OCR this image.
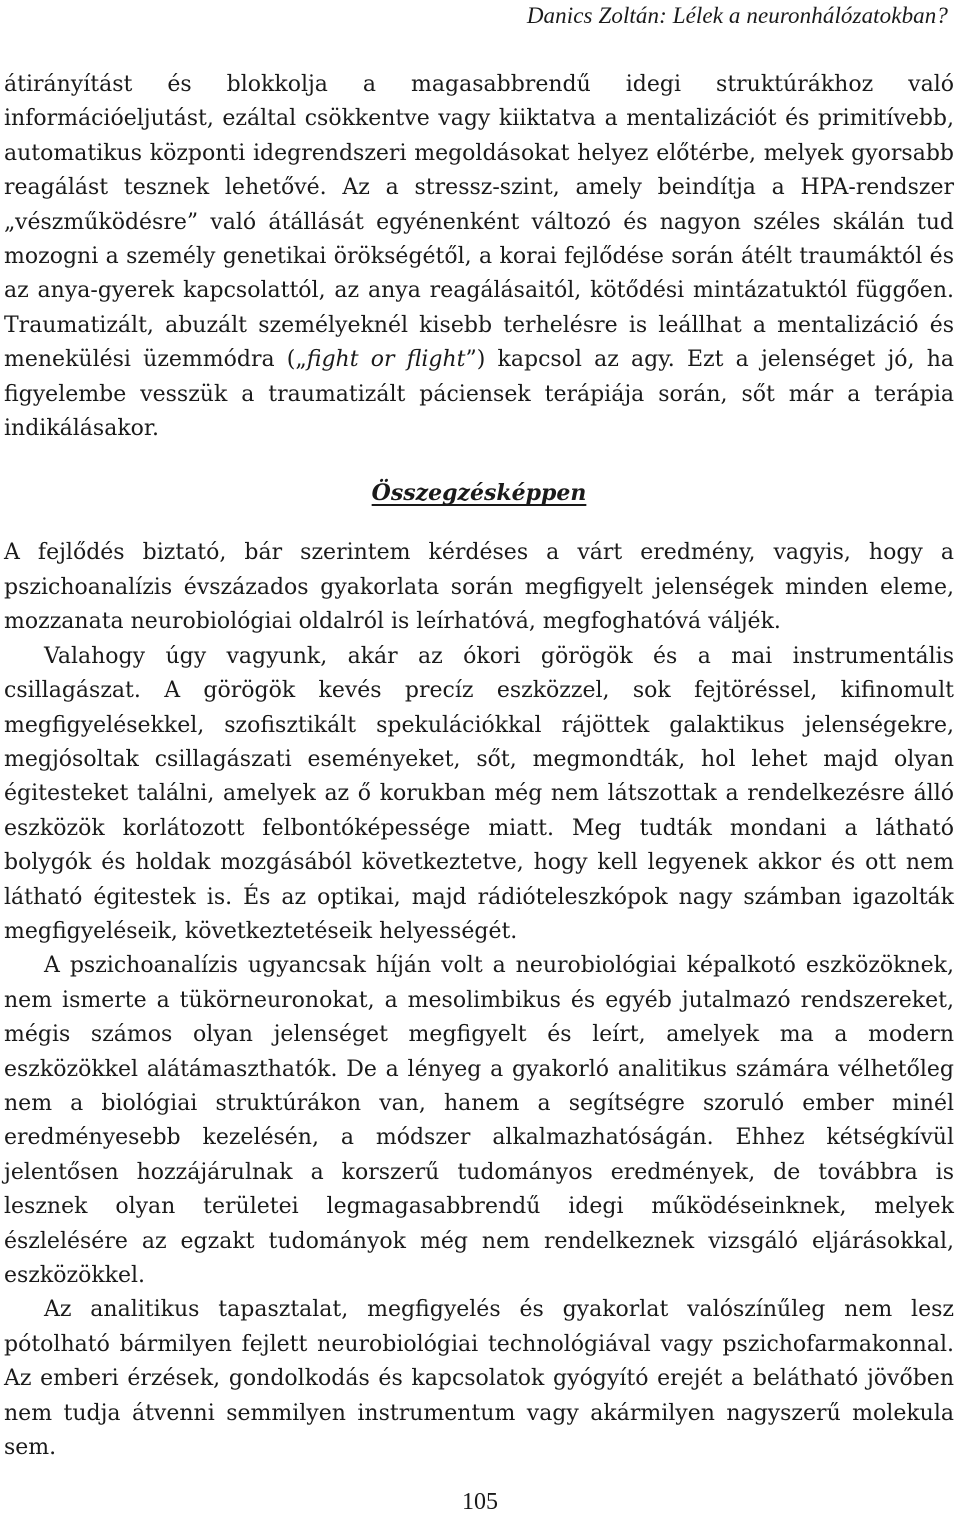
Danics Zoltán: Lélek a neuronhálózatokban?

átirányítást és blokkolja a magasabbrendű idegi struktúrákhoz való információeljutást, ezáltal csökkentve vagy kiiktatva a mentalizációt és primitívebb, automatikus központi idegrendszeri megoldásokat helyez előtérbe, melyek gyorsabb reagálást tesznek lehetővé. Az a stressz-szint, amely beindítja a HPA-rendszer „vészműködésre” való átállását egyénenként változó és nagyon széles skálán tud mozogni a személy genetikai örökségétől, a korai fejlődése során átélt traumáktól és az anya-gyerek kapcsolattól, az anya reagálásaitól, kötődési mintázatuktól függően. Traumatizált, abuzált személyeknél kisebb terhelésre is leállhat a mentalizáció és menekülési üzemmódra („fight or flight”) kapcsol az agy. Ezt a jelenséget jó, ha figyelembe vesszük a traumatizált páciensek terápiája során, sőt már a terápia indikálásakor.

Összegzésképpen

A fejlődés biztató, bár szerintem kérdéses a várt eredmény, vagyis, hogy a pszichoanalízis évszázados gyakorlata során megfigyelt jelenségek minden eleme, mozzanata neurobiológiai oldalról is leírhatóvá, megfoghatóvá váljék.

Valahogy úgy vagyunk, akár az ókori görögök és a mai instrumentális csillagászat. A görögök kevés precíz eszközzel, sok fejtöréssel, kifinomult megfigyelésekkel, szofisztikált spekulációkkal rájöttek galaktikus jelenségekre, megjósoltak csillagászati eseményeket, sőt, megmondták, hol lehet majd olyan égitesteket találni, amelyek az ő korukban még nem látszottak a rendelkezésre álló eszközök korlátozott felbontóképessége miatt. Meg tudták mondani a látható bolygók és holdak mozgásából következtetve, hogy kell legyenek akkor és ott nem látható égitestek is. És az optikai, majd rádióteleszkópok nagy számban igazolták megfigyeléseik, következtetéseik helyességét.

A pszichoanalízis ugyancsak híján volt a neurobiológiai képalkotó eszközöknek, nem ismerte a tükörneuronokat, a mesolimbikus és egyéb jutalmazó rendszereket, mégis számos olyan jelenséget megfigyelt és leírt, amelyek ma a modern eszközökkel alátámaszthatók. De a lényeg a gyakorló analitikus számára vélhetőleg nem a biológiai struktúrákon van, hanem a segítségre szoruló ember minél eredményesebb kezelésén, a módszer alkalmazhatóságán. Ehhez kétségkívül jelentősen hozzájárulnak a korszerű tudományos eredmények, de továbbra is lesznek olyan területei legmagasabbrendű idegi működéseinknek, melyek észlelésére az egzakt tudományok még nem rendelkeznek vizsgáló eljárásokkal, eszközökkel.

Az analitikus tapasztalat, megfigyelés és gyakorlat valószínűleg nem lesz pótolható bármilyen fejlett neurobiológiai technológiával vagy pszichofarmakonnal. Az emberi érzések, gondolkodás és kapcsolatok gyógyító erejét a belátható jövőben nem tudja átvenni semmilyen instrumentum vagy akármilyen nagyszerű molekula sem.

105
